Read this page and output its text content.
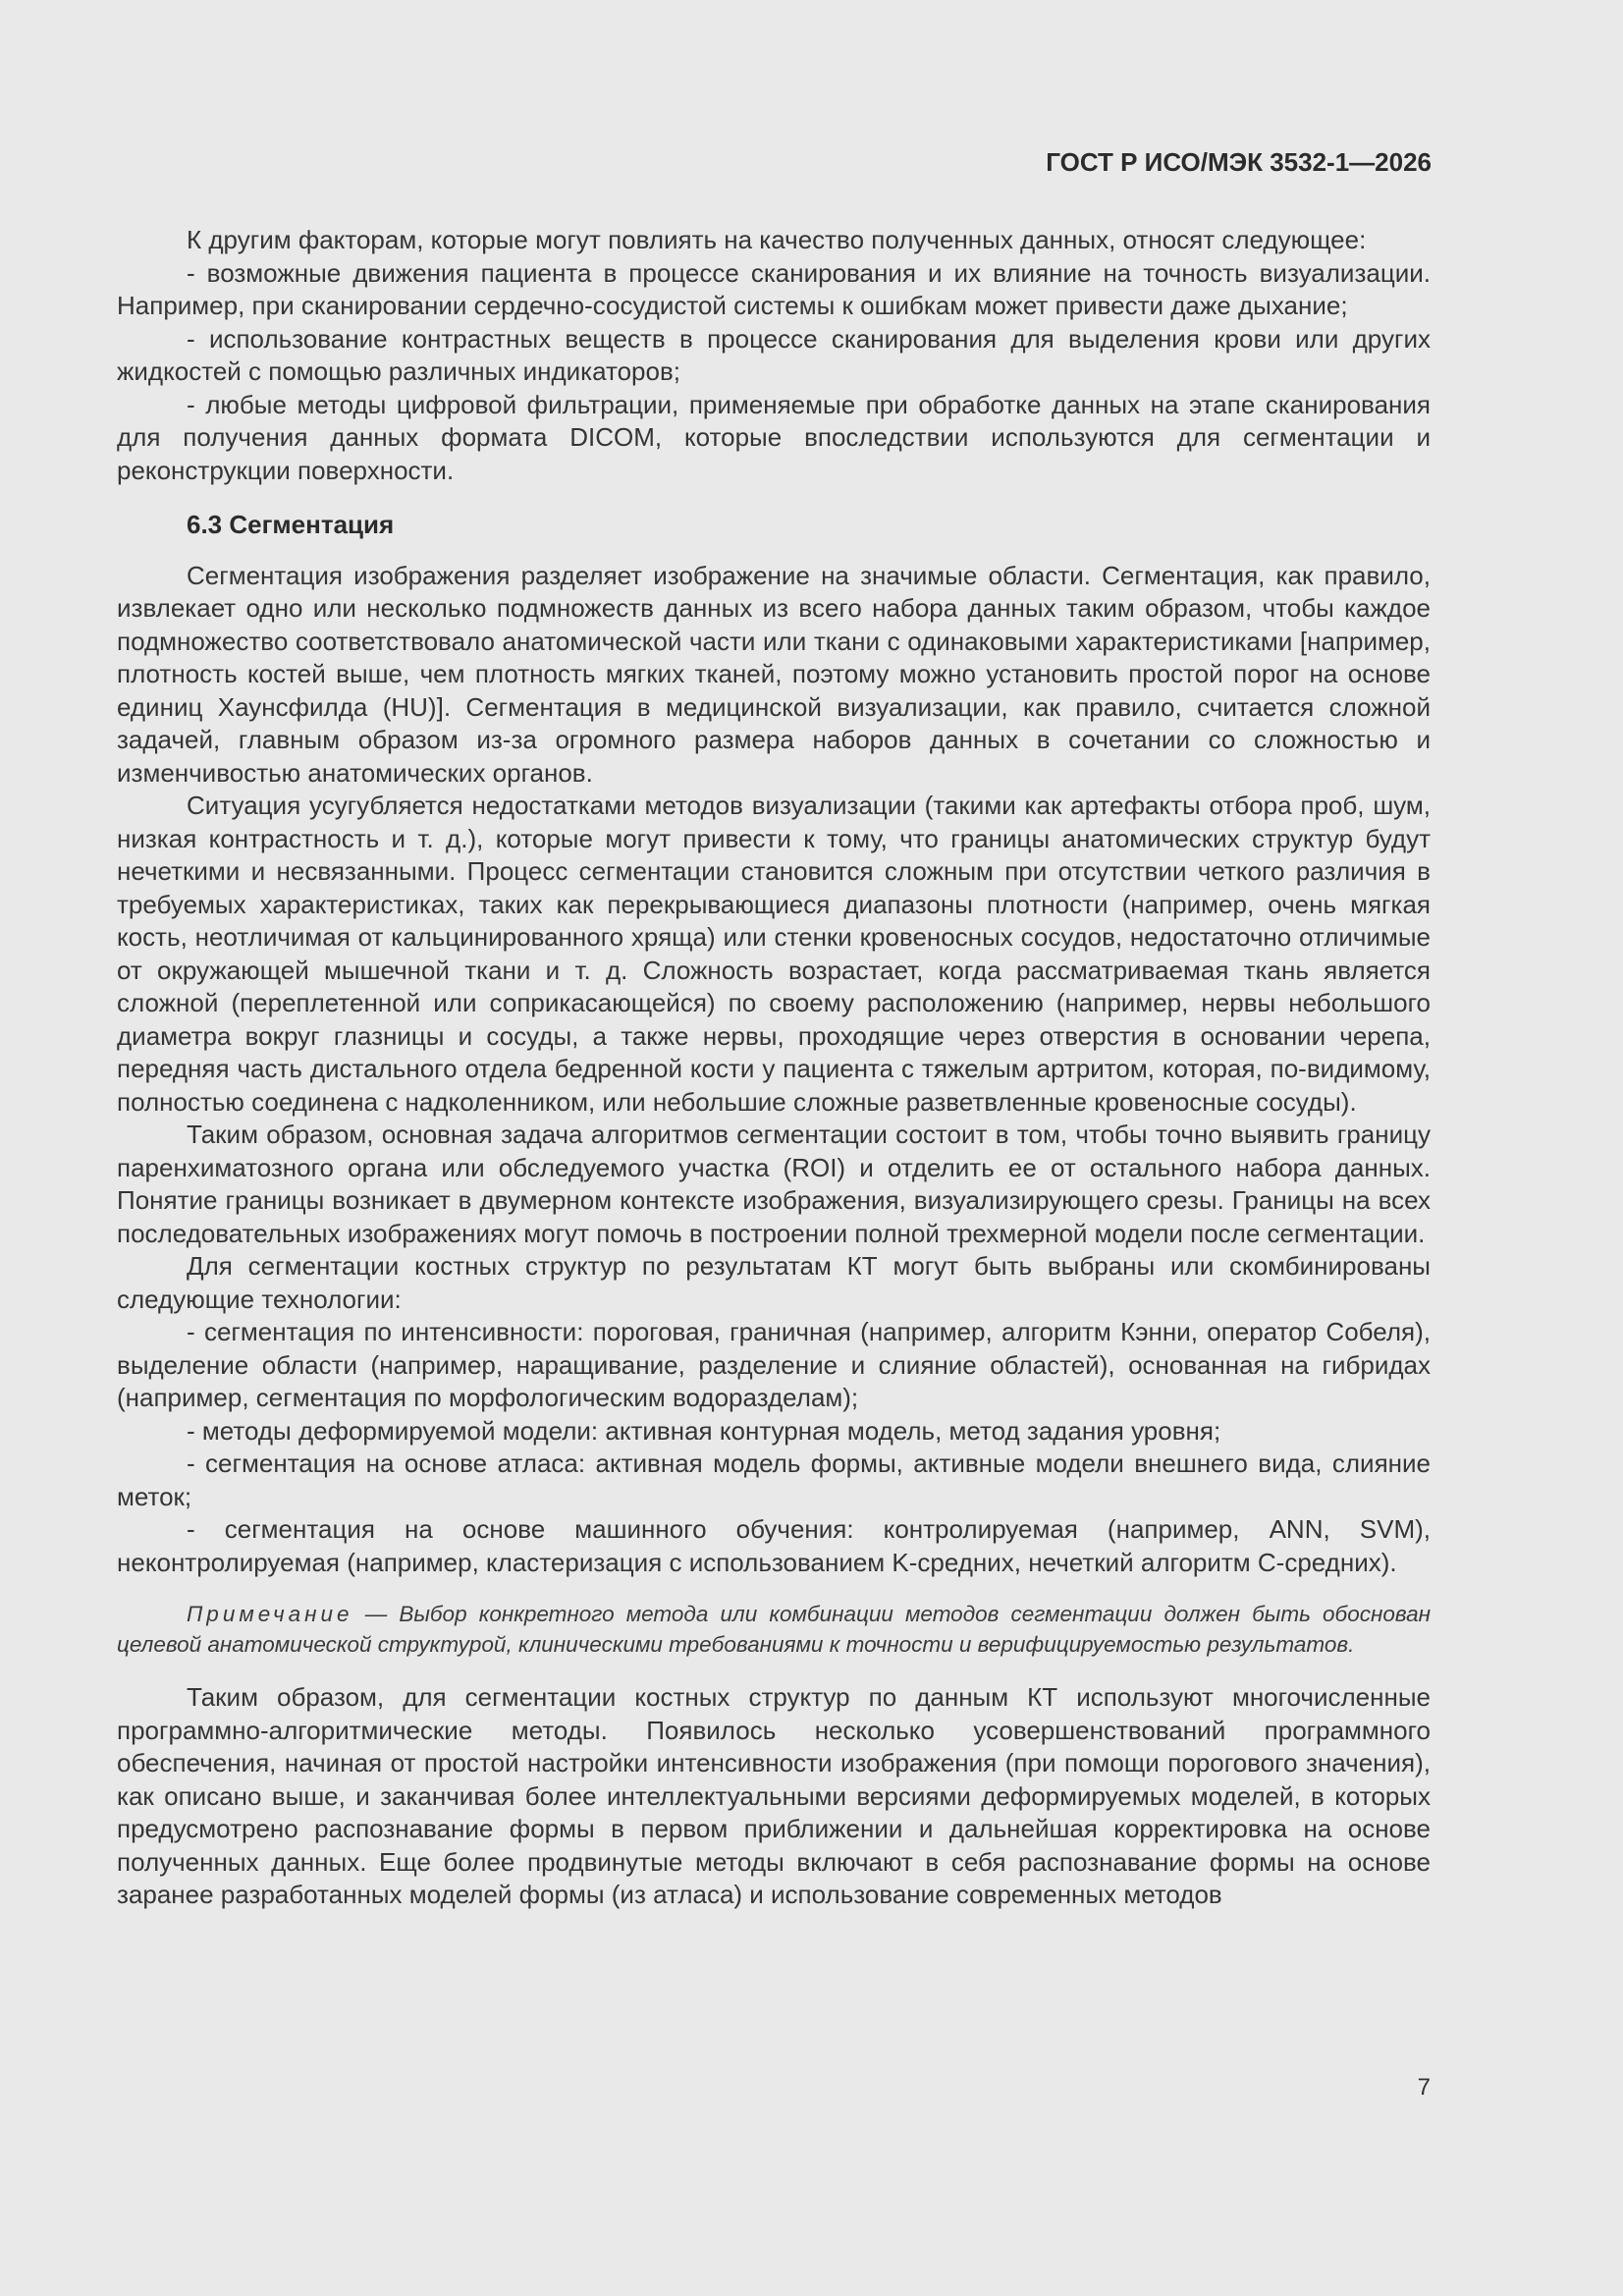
ГОСТ Р ИСО/МЭК 3532-1—2026

К другим факторам, которые могут повлиять на качество полученных данных, относят следующее:

- возможные движения пациента в процессе сканирования и их влияние на точность визуализации. Например, при сканировании сердечно-сосудистой системы к ошибкам может привести даже дыхание;

- использование контрастных веществ в процессе сканирования для выделения крови или других жидкостей с помощью различных индикаторов;

- любые методы цифровой фильтрации, применяемые при обработке данных на этапе сканирования для получения данных формата DICOM, которые впоследствии используются для сегментации и реконструкции поверхности.

6.3 Сегментация

Сегментация изображения разделяет изображение на значимые области. Сегментация, как правило, извлекает одно или несколько подмножеств данных из всего набора данных таким образом, чтобы каждое подмножество соответствовало анатомической части или ткани с одинаковыми характеристиками [например, плотность костей выше, чем плотность мягких тканей, поэтому можно установить простой порог на основе единиц Хаунсфилда (HU)]. Сегментация в медицинской визуализации, как правило, считается сложной задачей, главным образом из-за огромного размера наборов данных в сочетании со сложностью и изменчивостью анатомических органов.

Ситуация усугубляется недостатками методов визуализации (такими как артефакты отбора проб, шум, низкая контрастность и т. д.), которые могут привести к тому, что границы анатомических структур будут нечеткими и несвязанными. Процесс сегментации становится сложным при отсутствии четкого различия в требуемых характеристиках, таких как перекрывающиеся диапазоны плотности (например, очень мягкая кость, неотличимая от кальцинированного хряща) или стенки кровеносных сосудов, недостаточно отличимые от окружающей мышечной ткани и т. д. Сложность возрастает, когда рассматриваемая ткань является сложной (переплетенной или соприкасающейся) по своему расположению (например, нервы небольшого диаметра вокруг глазницы и сосуды, а также нервы, проходящие через отверстия в основании черепа, передняя часть дистального отдела бедренной кости у пациента с тяжелым артритом, которая, по-видимому, полностью соединена с надколенником, или небольшие сложные разветвленные кровеносные сосуды).

Таким образом, основная задача алгоритмов сегментации состоит в том, чтобы точно выявить границу паренхиматозного органа или обследуемого участка (ROI) и отделить ее от остального набора данных. Понятие границы возникает в двумерном контексте изображения, визуализирующего срезы. Границы на всех последовательных изображениях могут помочь в построении полной трехмерной модели после сегментации.

Для сегментации костных структур по результатам КТ могут быть выбраны или скомбинированы следующие технологии:

- сегментация по интенсивности: пороговая, граничная (например, алгоритм Кэнни, оператор Собеля), выделение области (например, наращивание, разделение и слияние областей), основанная на гибридах (например, сегментация по морфологическим водоразделам);

- методы деформируемой модели: активная контурная модель, метод задания уровня;

- сегментация на основе атласа: активная модель формы, активные модели внешнего вида, слияние меток;

- сегментация на основе машинного обучения: контролируемая (например, ANN, SVM), неконтролируемая (например, кластеризация с использованием K-средних, нечеткий алгоритм C-средних).

Примечание — Выбор конкретного метода или комбинации методов сегментации должен быть обоснован целевой анатомической структурой, клиническими требованиями к точности и верифицируемостью результатов.

Таким образом, для сегментации костных структур по данным КТ используют многочисленные программно-алгоритмические методы. Появилось несколько усовершенствований программного обеспечения, начиная от простой настройки интенсивности изображения (при помощи порогового значения), как описано выше, и заканчивая более интеллектуальными версиями деформируемых моделей, в которых предусмотрено распознавание формы в первом приближении и дальнейшая корректировка на основе полученных данных. Еще более продвинутые методы включают в себя распознавание формы на основе заранее разработанных моделей формы (из атласа) и использование современных методов

7
